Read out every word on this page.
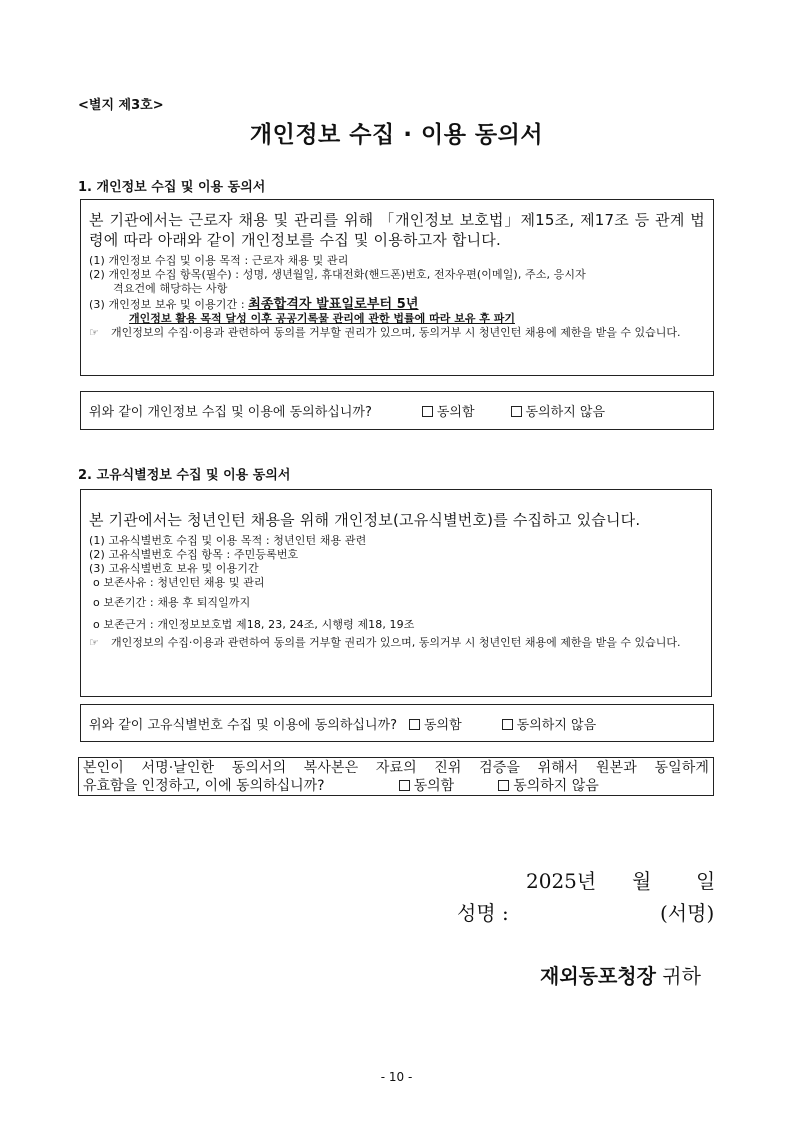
<별지 제3호>
개인정보 수집 · 이용 동의서
1. 개인정보 수집 및 이용 동의서
본 기관에서는 근로자 채용 및 관리를 위해 「개인정보 보호법」제15조, 제17조 등 관계 법령에 따라 아래와 같이 개인정보를 수집 및 이용하고자 합니다.
(1) 개인정보 수집 및 이용 목적 : 근로자 채용 및 관리
(2) 개인정보 수집 항목(필수) : 성명, 생년월일, 휴대전화(핸드폰)번호, 전자우편(이메일), 주소, 응시자
격요건에 해당하는 사항
(3) 개인정보 보유 및 이용기간 : 최종합격자 발표일로부터 5년
개인정보 활용 목적 달성 이후 공공기록물 관리에 관한 법률에 따라 보유 후 파기
☞	개인정보의 수집·이용과 관련하여 동의를 거부할 권리가 있으며, 동의거부 시 청년인턴 채용에 제한을 받을 수 있습니다.
위와 같이 개인정보 수집 및 이용에 동의하십니까?	동의함	동의하지 않음
2. 고유식별정보 수집 및 이용 동의서
본 기관에서는 청년인턴 채용을 위해 개인정보(고유식별번호)를 수집하고 있습니다.
(1) 고유식별번호 수집 및 이용 목적 : 청년인턴 채용 관련
(2) 고유식별번호 수집 항목 : 주민등록번호
(3) 고유식별번호 보유 및 이용기간
o 보존사유 : 청년인턴 채용 및 관리
o 보존기간 : 채용 후 퇴직일까지
o 보존근거 : 개인정보보호법 제18, 23, 24조, 시행령 제18, 19조
☞	개인정보의 수집·이용과 관련하여 동의를 거부할 권리가 있으며, 동의거부 시 청년인턴 채용에 제한을 받을 수 있습니다.
위와 같이 고유식별번호 수집 및 이용에 동의하십니까?	동의함	동의하지 않음
본인이 서명·날인한 동의서의 복사본은 자료의 진위 검증을 위해서 원본과 동일하게
유효함을 인정하고, 이에 동의하십니까?	동의함	동의하지 않음
2025년 월 일
성명 :	(서명)
재외동포청장 귀하
- 10 -
